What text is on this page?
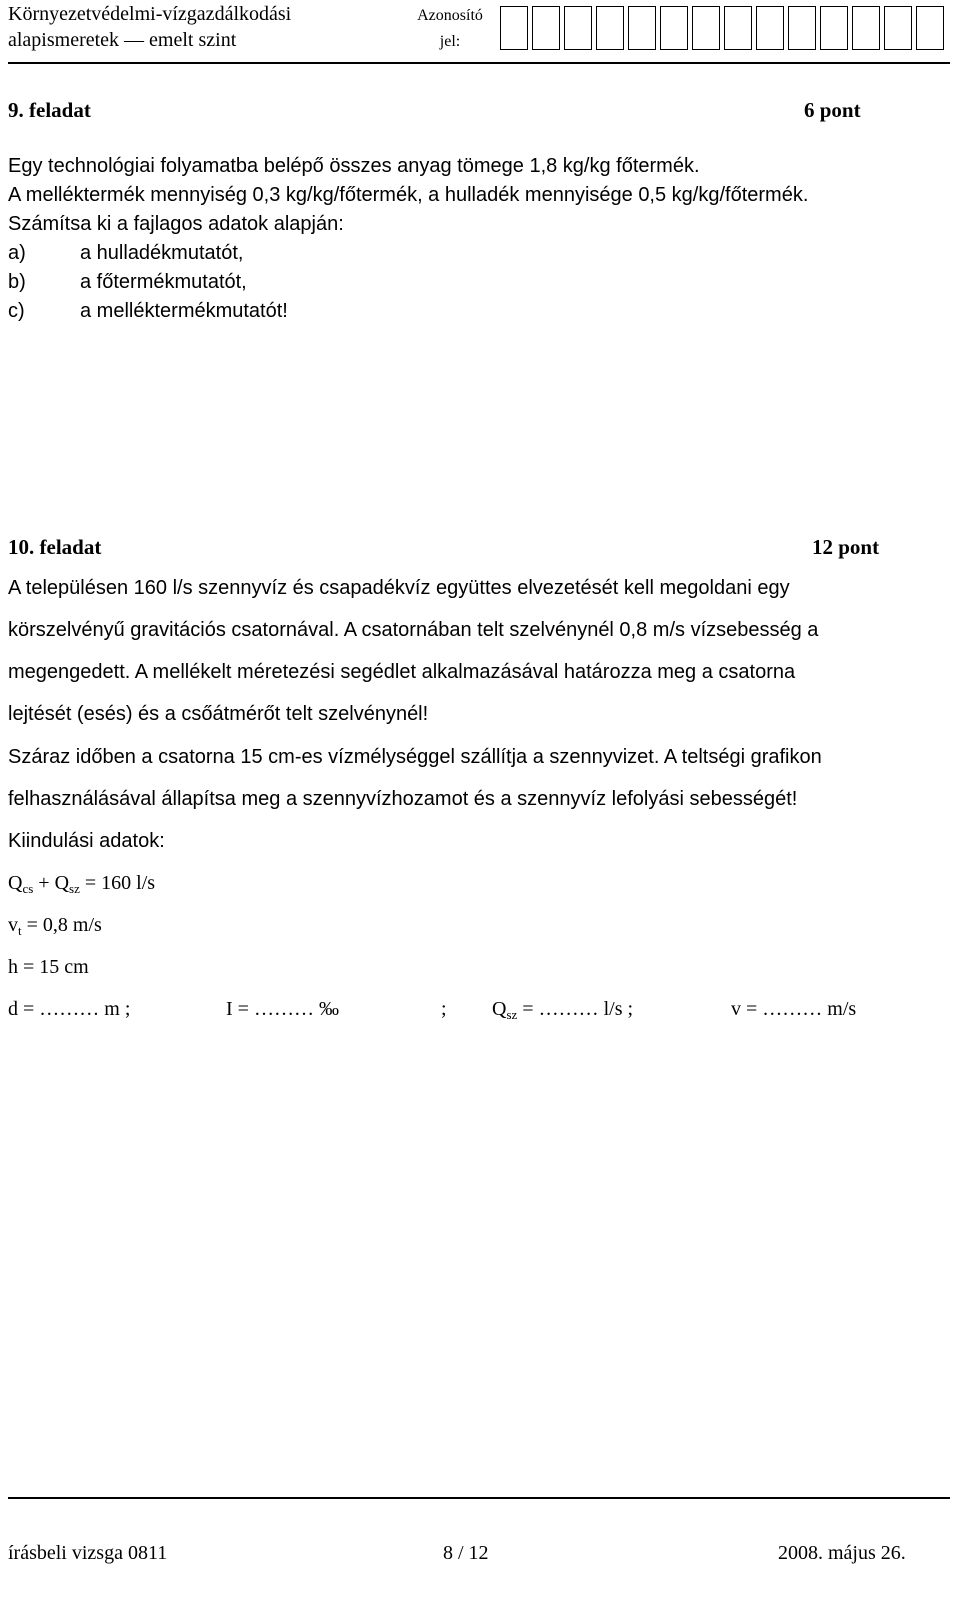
Környezetvédelmi-vízgazdálkodási
alapismeretek — emelt szint
Azonosító
jel:
9. feladat	6 pont
Egy technológiai folyamatba belépő összes anyag tömege 1,8 kg/kg főtermék.
A melléktermék mennyiség 0,3 kg/kg/főtermék, a hulladék mennyisége 0,5 kg/kg/főtermék.
Számítsa ki a fajlagos adatok alapján:
a)	a hulladékmutatót,
b)	a főtermékmutatót,
c)	a melléktermékmutatót!
10. feladat	12 pont
A településen 160 l/s szennyvíz és csapadékvíz együttes elvezetését kell megoldani egy
körszelvényű gravitációs csatornával. A csatornában telt szelvénynél 0,8 m/s vízsebesség a
megengedett. A mellékelt méretezési segédlet alkalmazásával határozza meg a csatorna
lejtését (esés) és a csőátmérőt telt szelvénynél!
Száraz időben a csatorna 15 cm-es vízmélységgel szállítja a szennyvizet. A teltségi grafikon
felhasználásával állapítsa meg a szennyvízhozamot és a szennyvíz lefolyási sebességét!
Kiindulási adatok:
$Q_{cs} + Q_{sz} = 160$ l/s
$v_t = 0,8$ m/s
h = 15 cm
d = ……… m ;	I = ……… ‰	; $Q_{sz}$ = ……… l/s ;	v = ……… m/s
írásbeli vizsga 0811	8 / 12	2008. május 26.
